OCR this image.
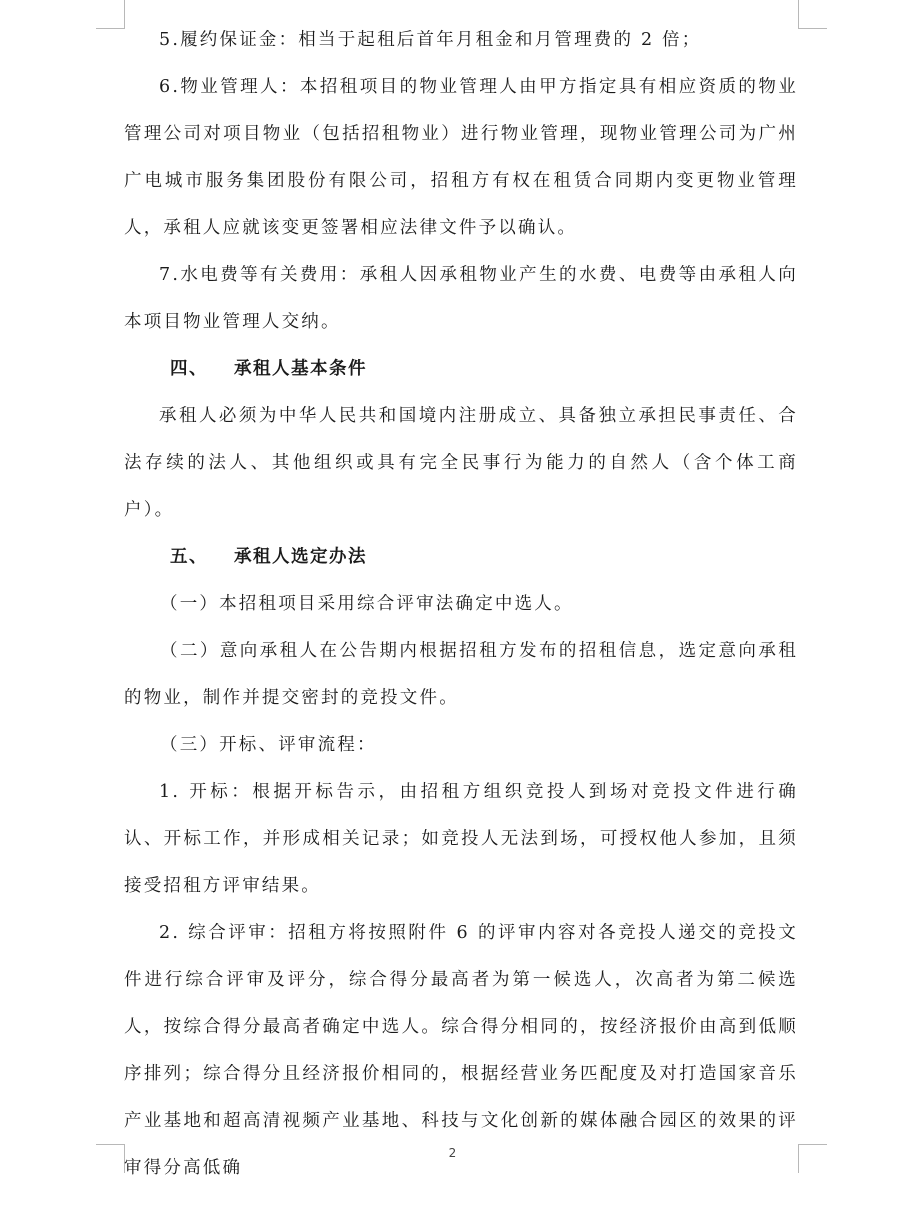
5.履约保证金：相当于起租后首年月租金和月管理费的 2 倍；

6.物业管理人：本招租项目的物业管理人由甲方指定具有相应资质的物业管理公司对项目物业（包括招租物业）进行物业管理，现物业管理公司为广州广电城市服务集团股份有限公司，招租方有权在租赁合同期内变更物业管理人，承租人应就该变更签署相应法律文件予以确认。

7.水电费等有关费用：承租人因承租物业产生的水费、电费等由承租人向本项目物业管理人交纳。

四、 承租人基本条件

承租人必须为中华人民共和国境内注册成立、具备独立承担民事责任、合法存续的法人、其他组织或具有完全民事行为能力的自然人（含个体工商户）。

五、 承租人选定办法

（一）本招租项目采用综合评审法确定中选人。

（二）意向承租人在公告期内根据招租方发布的招租信息，选定意向承租的物业，制作并提交密封的竞投文件。

（三）开标、评审流程：

1. 开标：根据开标告示，由招租方组织竞投人到场对竞投文件进行确认、开标工作，并形成相关记录；如竞投人无法到场，可授权他人参加，且须接受招租方评审结果。

2. 综合评审：招租方将按照附件 6 的评审内容对各竞投人递交的竞投文件进行综合评审及评分，综合得分最高者为第一候选人，次高者为第二候选人，按综合得分最高者确定中选人。综合得分相同的，按经济报价由高到低顺序排列；综合得分且经济报价相同的，根据经营业务匹配度及对打造国家音乐产业基地和超高清视频产业基地、科技与文化创新的媒体融合园区的效果的评审得分高低确

2
